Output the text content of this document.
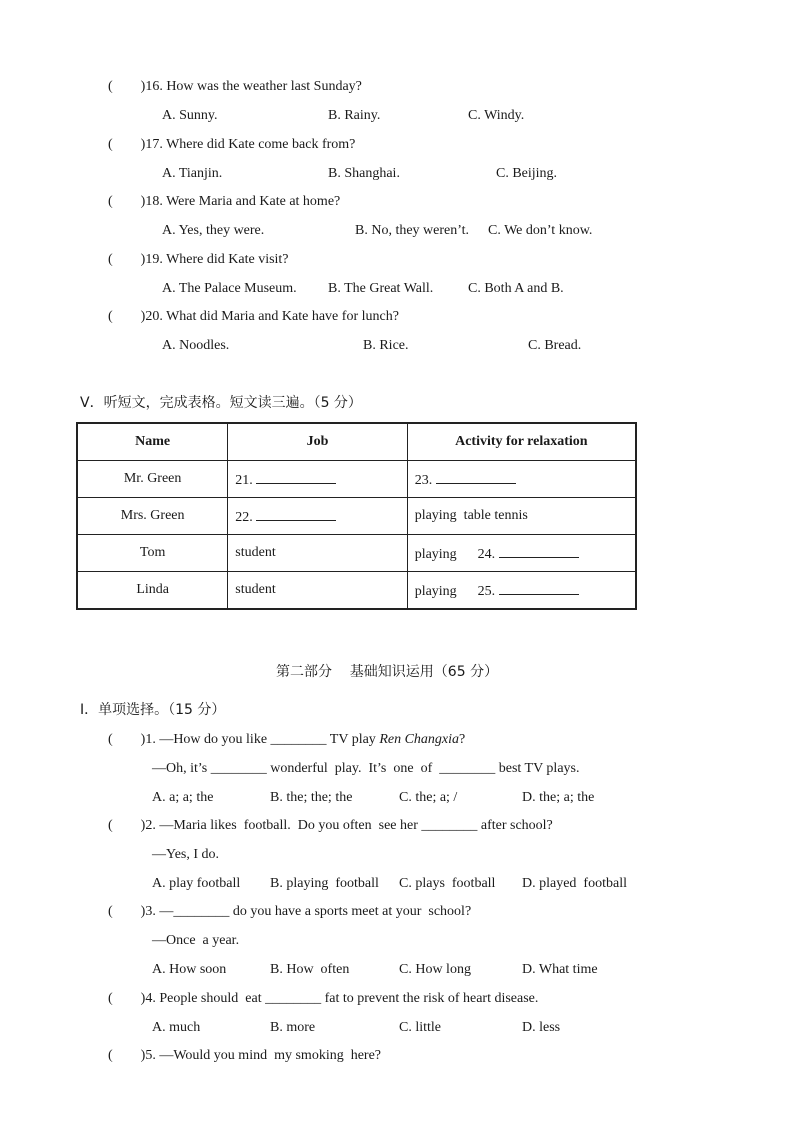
(        )16. How was the weather last Sunday?
A. Sunny.	B. Rainy.	C. Windy.
(        )17. Where did Kate come back from?
A. Tianjin.	B. Shanghai.	C. Beijing.
(        )18. Were Maria and Kate at home?
A. Yes, they were.	B. No, they weren’t. C. We don’t know.
(        )19. Where did Kate visit?
A. The Palace Museum. B. The Great Wall. C. Both A and B.
(        )20. What did Maria and Kate have for lunch?
A. Noodles.	B. Rice.	C. Bread.
V．听短文，完成表格。短文读三遍。（5 分）
Name	Job	Activity for relaxation
Mr. Green	21.	23.
Mrs. Green	22.	playing  table tennis
Tom	student	playing      24.
Linda	student	playing      25.
第二部分    基础知识运用（65 分）
Ⅰ．单项选择。（15 分）
(        )1. —How do you like ________ TV play Ren Changxia?
—Oh, it’s ________ wonderful  play.  It’s  one  of  ________ best TV plays.
A. a; a; the	B. the; the; the	C. the; a; /	D. the; a; the
(        )2. —Maria likes  football.  Do you often  see her ________ after school?
—Yes, I do.
A. play football B. playing  football C. plays  football D. played  football
(        )3. —________ do you have a sports meet at your  school?
—Once  a year.
A. How soon	B. How  often	C. How long	D. What time
(        )4. People should  eat ________ fat to prevent the risk of heart disease.
A. much	B. more	C. little	D. less
(        )5. —Would you mind  my smoking  here?
